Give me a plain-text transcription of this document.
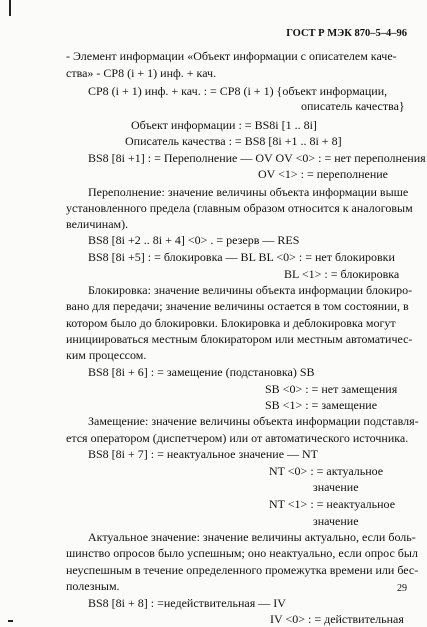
ГОСТ Р МЭК 870–5–4–96
- Элемент информации «Объект информации с описателем каче-
ства» - CP8 (i + 1) инф. + кач.
CP8 (i + 1) инф. + кач. : = CP8 (i + 1) {объект информации,
описатель качества}
Объект информации : = BS8i [1 .. 8i]
Описатель качества : = BS8 [8i +1 .. 8i + 8]
BS8 [8i +1] : = Переполнение — OV OV <0> : = нет переполнения
OV <1> : = переполнение
Переполнение: значение величины объекта информации выше
установленного предела (главным образом относится к аналоговым
величинам).
BS8 [8i +2 .. 8i + 4] <0> . = резерв — RES
BS8 [8i +5] : = блокировка — BL BL <0> : = нет блокировки
BL <1> : = блокировка
Блокировка: значение величины объекта информации блокиро-
вано для передачи; значение величины остается в том состоянии, в
котором было до блокировки. Блокировка и деблокировка могут
инициироваться местным блокиратором или местным автоматичес-
ким процессом.
BS8 [8i + 6] : = замещение (подстановка) SB
SB <0> : = нет замещения
SB <1> : = замещение
Замещение: значение величины объекта информации подставля-
ется оператором (диспетчером) или от автоматического источника.
BS8 [8i + 7] : = неактуальное значение — NT
NT <0> : = актуальное
значение
NT <1> : = неактуальное
значение
Актуальное значение: значение величины актуально, если боль-
шинство опросов было успешным; оно неактуально, если опрос был
неуспешным в течение определенного промежутка времени или бес-
полезным.
BS8 [8i + 8] : =недействительная — IV
IV <0> : = действительная
29
